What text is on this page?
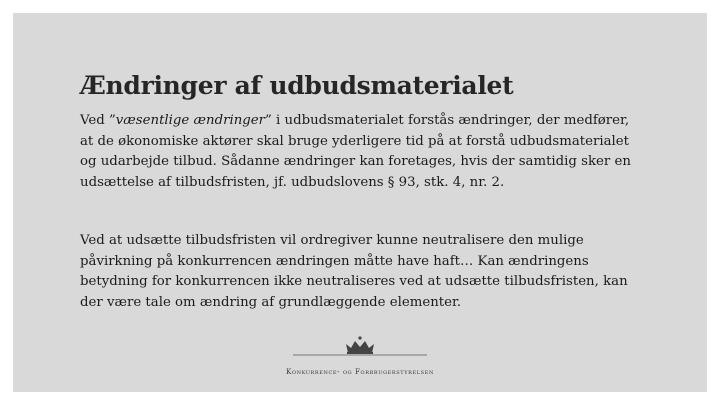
Ændringer af udbudsmaterialet

Ved ”væsentlige ændringer” i udbudsmaterialet forstås ændringer, der medfører, at de økonomiske aktører skal bruge yderligere tid på at forstå udbudsmaterialet og udarbejde tilbud. Sådanne ændringer kan foretages, hvis der samtidig sker en udsættelse af tilbudsfristen, jf. udbudslovens § 93, stk. 4, nr. 2.

Ved at udsætte tilbudsfristen vil ordregiver kunne neutralisere den mulige påvirkning på konkurrencen ændringen måtte have haft… Kan ændringens betydning for konkurrencen ikke neutraliseres ved at udsætte tilbudsfristen, kan der være tale om ændring af grundlæggende elementer.

Konkurrence- og Forbrugerstyrelsen
